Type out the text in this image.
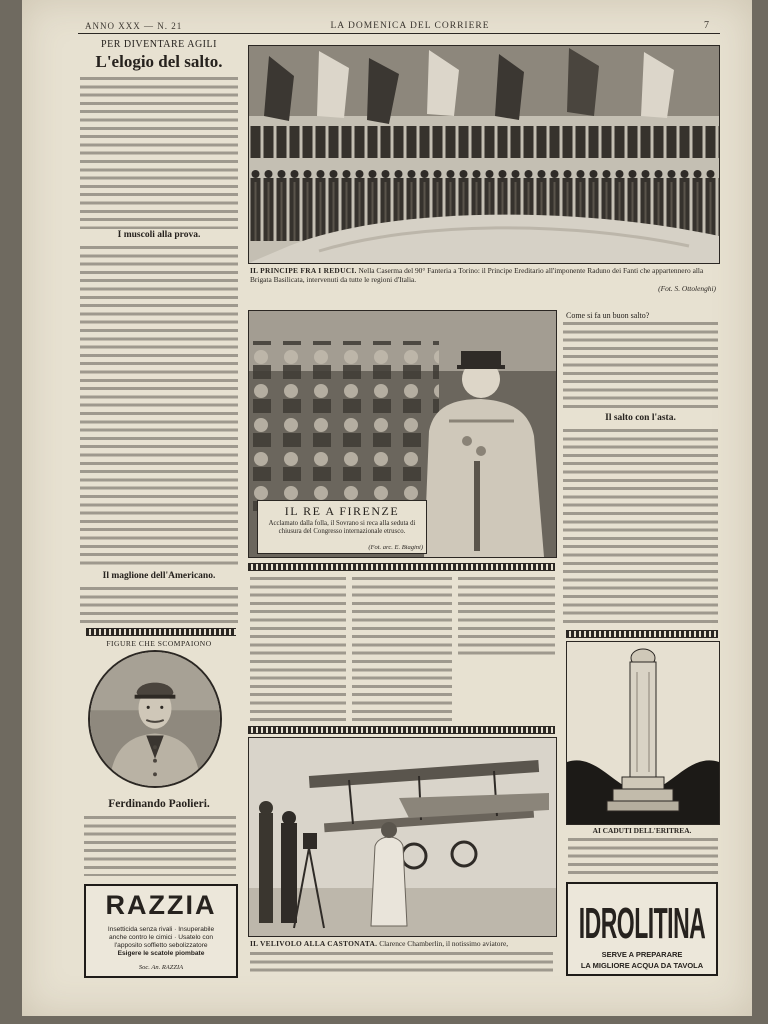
ANNO XXX — N. 21	LA DOMENICA DEL CORRIERE	7
PER DIVENTARE AGILI
L'elogio del salto.
I muscoli alla prova.
Il maglione dell'Americano.
FIGURE CHE SCOMPAIONO
Ferdinando Paolieri.
RAZZIA
Insetticida senza rivali · Insuperabile
anche contro le cimici · Usatelo con
l'apposito soffietto sebolizzatore
Esigere le scatole piombate
Soc. An. RAZZIA
IL PRINCIPE FRA I REDUCI. Nella Caserma del 90° Fanteria a Torino: il Principe Ereditario all'imponente Raduno dei Fanti che appartennero alla Brigata Basilicata, intervenuti da tutte le regioni d'Italia.
(Fot. S. Ottolenghi)
IL RE A FIRENZE
Acclamato dalla folla, il Sovrano si reca alla seduta di chiusura del Congresso internazionale etrusco.
(Fot. arc. E. Biagini)
Come si fa un buon salto?
Il salto con l'asta.
IL VELIVOLO ALLA CASTONATA. Clarence Chamberlin, il notissimo aviatore,
AI CADUTI DELL'ERITREA.
IDROLITINA
SERVE A PREPARARE
LA MIGLIORE ACQUA DA TAVOLA
